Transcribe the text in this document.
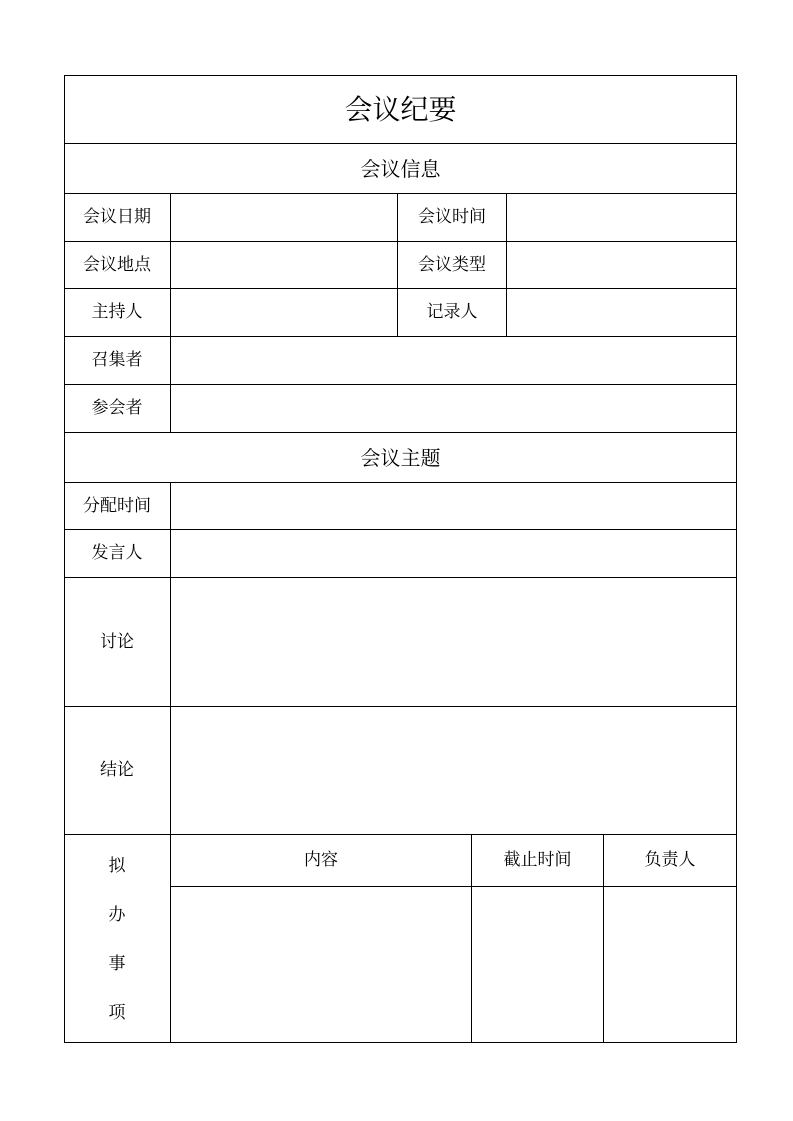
会议纪要
会议信息
会议日期	会议时间
会议地点	会议类型
主持人	记录人
召集者
参会者
会议主题
分配时间
发言人
讨论
结论
拟
办
事
项
内容	截止时间	负责人
